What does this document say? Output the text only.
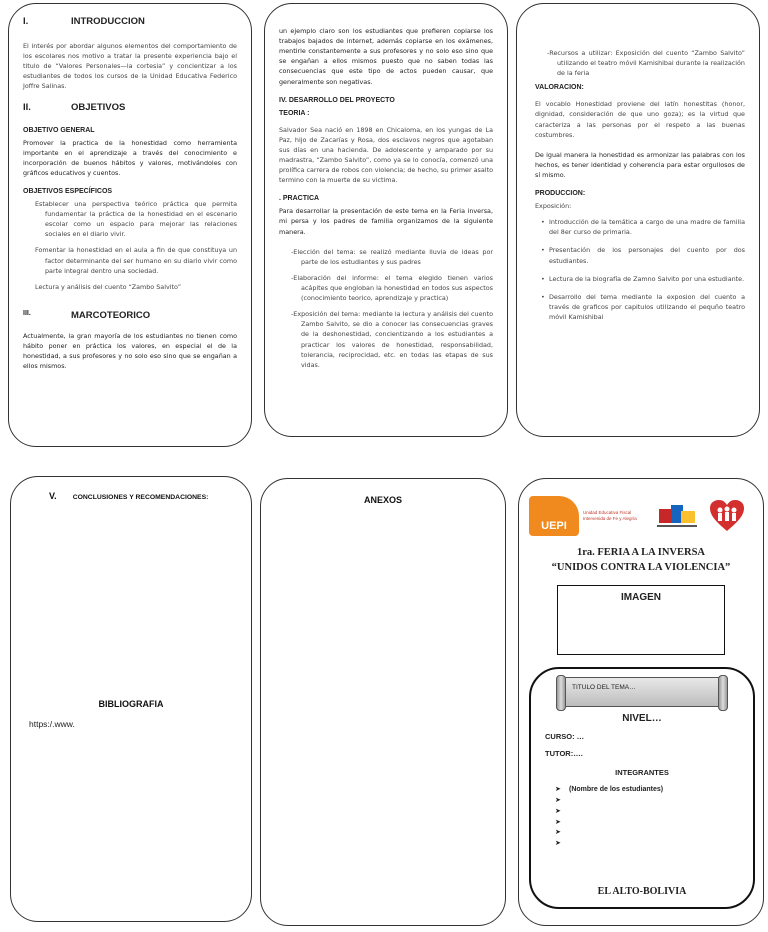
I.	INTRODUCCION

El interés por abordar algunos elementos del comportamiento de los escolares nos motivo a tratar la presente experiencia bajo el titulo de “Valores Personales—la cortesia” y concientizar a los estudiantes de todos los cursos de la Unidad Educativa Federico Joffre Salinas.

II.	OBJETIVOS
OBJETIVO GENERAL

Promover la practica de la honestidad como herramienta importante en el aprendizaje a través del conocimiento e incorporación de buenos hábitos y valores, motivándoles con gráficos educativos y cuentos.

OBJETIVOS ESPECÍFICOS

Establecer una perspectiva teórico práctica que permita fundamentar la práctica de la honestidad en el escenario escolar como un espacio para mejorar las relaciones sociales en el diario vivir.

Fomentar la honestidad en el aula a fin de que constituya un factor determinante del ser humano en su diario vivir como parte integral dentro una sociedad.

Lectura y análisis del cuento “Zambo Salvito”

III.	MARCOTEORICO

Actualmente, la gran mayoría de los estudiantes no tienen como hábito poner en práctica los valores, en especial el de la honestidad, a sus profesores y no solo eso sino que se engañan a ellos mismos.

un ejemplo claro son los estudiantes que prefieren copiarse los trabajos bajados de internet, además copiarse en los exámenes, mentirle constantemente a sus profesores y no solo eso sino que se engañan a ellos mismos puesto que no saben todas las consecuencias que este tipo de actos pueden causar, que generalmente son negativas.

IV. DESARROLLO DEL PROYECTO
TEORIA :

Salvador Sea nació en 1898 en Chicaloma, en los yungas de La Paz, hijo de Zacarías y Rosa, dos esclavos negros que agotaban sus días en una hacienda. De adolescente y amparado por su madrastra, “Zambo Salvito”, como ya se lo conocía, comenzó una prolífica carrera de robos con violencia; de hecho, su primer asalto termino con la muerte de su victima.

. PRACTICA

Para desarrollar la presentación de este tema en la Feria inversa, mi persa y los padres de familia organizamos de la siguiente manera.

-Elección del tema: se realizó mediante lluvia de ideas por parte de los estudiantes y sus padres

-Elaboración del informe: el tema elegido tienen varios acápites que engloban la honestidad en todos sus aspectos (conocimiento teorico, aprendizaje y practica)

-Exposición del tema: mediante la lectura y análisis del cuento Zambo Salvito, se dio a conocer las consecuencias graves de la deshonestidad, concientizando a los estudiantes a practicar los valores de honestidad, responsabilidad, tolerancia, reciprocidad, etc. en todas las etapas de sus vidas.

-Recursos a utilizar: Exposición del cuento “Zambo Salvito” utilizando el teatro móvil Kamishibai durante la realización de la feria

VALORACION:

El vocablo Honestidad proviene del latín honestitas (honor, dignidad, consideración de que uno goza); es la virtud que caracteriza a las personas por el respeto a las buenas costumbres.

De igual manera la honestidad es armonizar las palabras con los hechos, es tener identidad y coherencia para estar orgullosos de sí mismo.

PRODUCCION:

Exposición:

• Introducción de la temática a cargo de una madre de familia del 8er curso de primaria.
• Presentación de los personajes del cuento por dos estudiantes.
• Lectura de la biografía de Zamno Salvito por una estudiante.
• Desarrollo del tema mediante la exposion del cuento a través de graficos por capitulos utilizando el pequño teatro móvil Kamishibai
V. CONCLUSIONES Y RECOMENDACIONES:
BIBLIOGRAFIA
https:/.www.
ANEXOS
UEPI
Unidad Educativa Fiscal Intervenida de Fe y Alegría
1ra. FERIA A LA INVERSA
“UNIDOS CONTRA LA VIOLENCIA”
IMAGEN
TITULO DEL TEMA…
NIVEL…
CURSO: …
TUTOR:….
INTEGRANTES
➤ (Nombre de los estudiantes)
➤
➤
➤
➤
➤
EL ALTO-BOLIVIA
